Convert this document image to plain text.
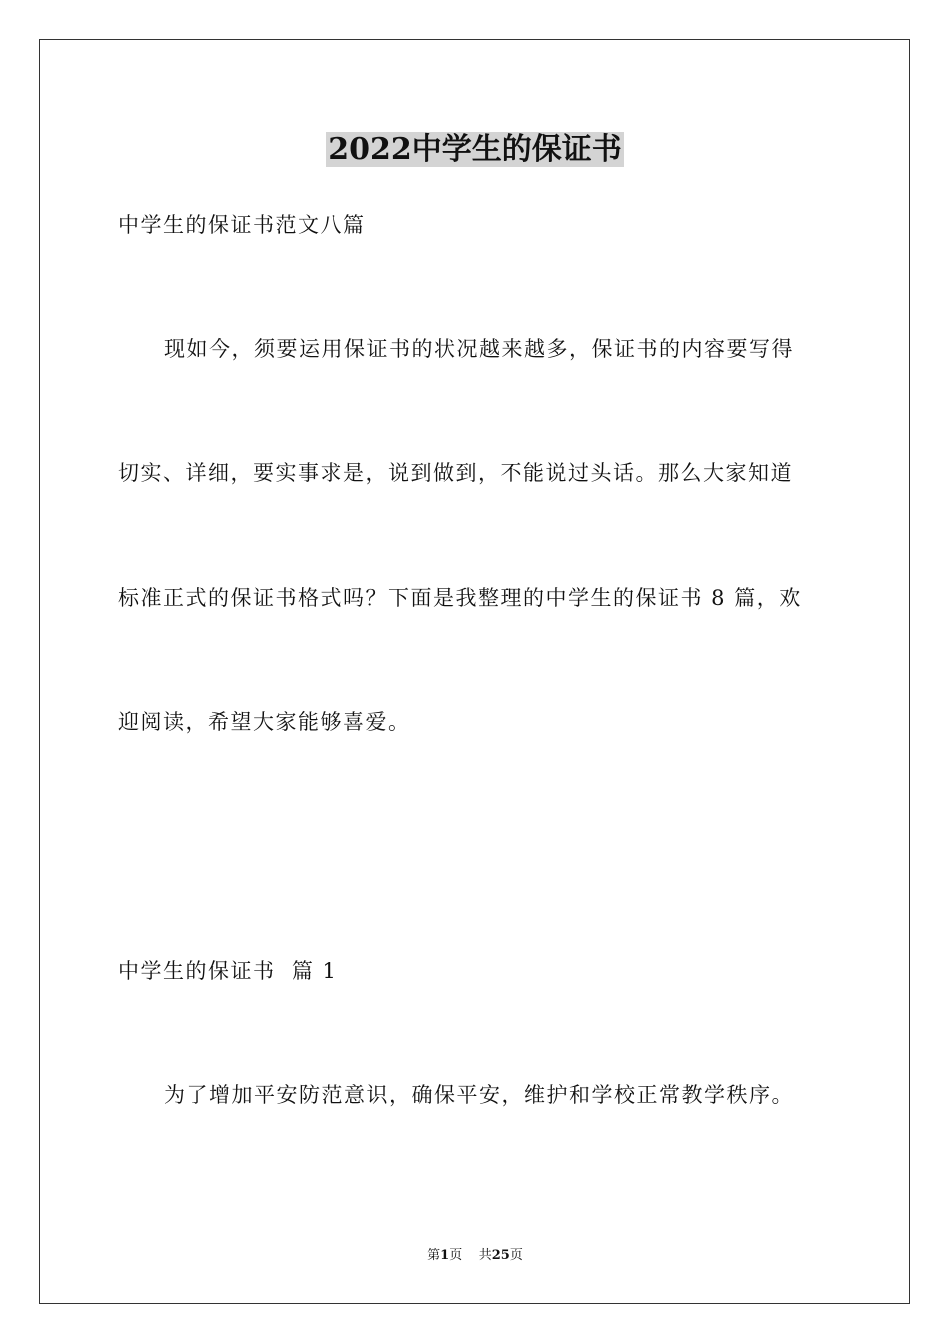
2022中学生的保证书
中学生的保证书范文八篇
现如今，须要运用保证书的状况越来越多，保证书的内容要写得
切实、详细，要实事求是，说到做到，不能说过头话。那么大家知道
标准正式的保证书格式吗？下面是我整理的中学生的保证书 8 篇，欢
迎阅读，希望大家能够喜爱。
中学生的保证书  篇 1
为了增加平安防范意识，确保平安，维护和学校正常教学秩序。
第1页    共25页
